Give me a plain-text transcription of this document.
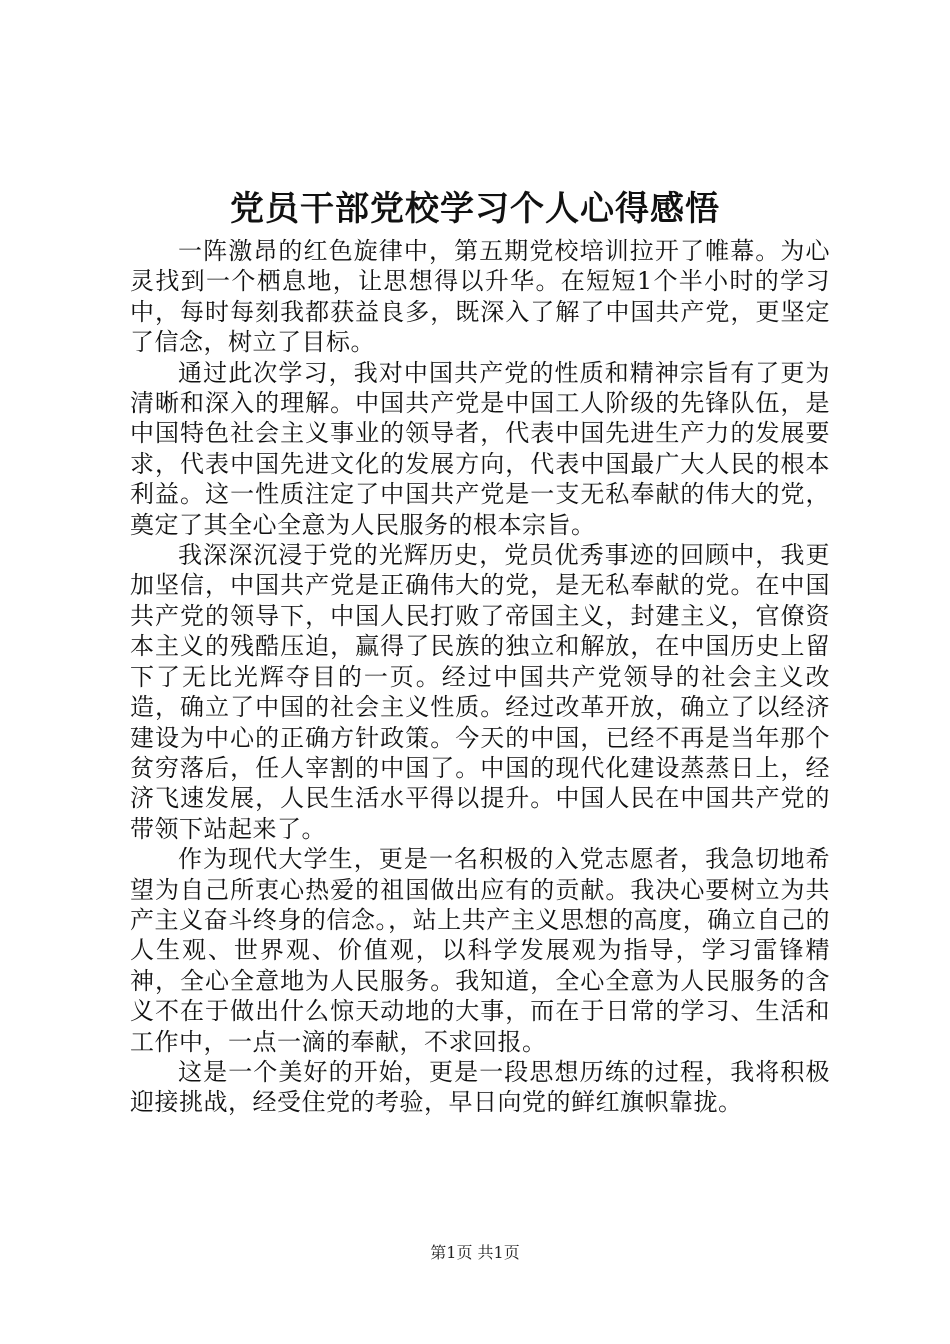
党员干部党校学习个人心得感悟

一阵激昂的红色旋律中，第五期党校培训拉开了帷幕。为心灵找到一个栖息地，让思想得以升华。在短短1个半小时的学习中，每时每刻我都获益良多，既深入了解了中国共产党，更坚定了信念，树立了目标。

通过此次学习，我对中国共产党的性质和精神宗旨有了更为清晰和深入的理解。中国共产党是中国工人阶级的先锋队伍，是中国特色社会主义事业的领导者，代表中国先进生产力的发展要求，代表中国先进文化的发展方向，代表中国最广大人民的根本利益。这一性质注定了中国共产党是一支无私奉献的伟大的党，奠定了其全心全意为人民服务的根本宗旨。

我深深沉浸于党的光辉历史，党员优秀事迹的回顾中，我更加坚信，中国共产党是正确伟大的党，是无私奉献的党。在中国共产党的领导下，中国人民打败了帝国主义，封建主义，官僚资本主义的残酷压迫，赢得了民族的独立和解放，在中国历史上留下了无比光辉夺目的一页。经过中国共产党领导的社会主义改造，确立了中国的社会主义性质。经过改革开放，确立了以经济建设为中心的正确方针政策。今天的中国，已经不再是当年那个贫穷落后，任人宰割的中国了。中国的现代化建设蒸蒸日上，经济飞速发展，人民生活水平得以提升。中国人民在中国共产党的带领下站起来了。

作为现代大学生，更是一名积极的入党志愿者，我急切地希望为自己所衷心热爱的祖国做出应有的贡献。我决心要树立为共产主义奋斗终身的信念。，站上共产主义思想的高度，确立自己的人生观、世界观、价值观，以科学发展观为指导，学习雷锋精神，全心全意地为人民服务。我知道，全心全意为人民服务的含义不在于做出什么惊天动地的大事，而在于日常的学习、生活和工作中，一点一滴的奉献，不求回报。

这是一个美好的开始，更是一段思想历练的过程，我将积极迎接挑战，经受住党的考验，早日向党的鲜红旗帜靠拢。

第1页 共1页
